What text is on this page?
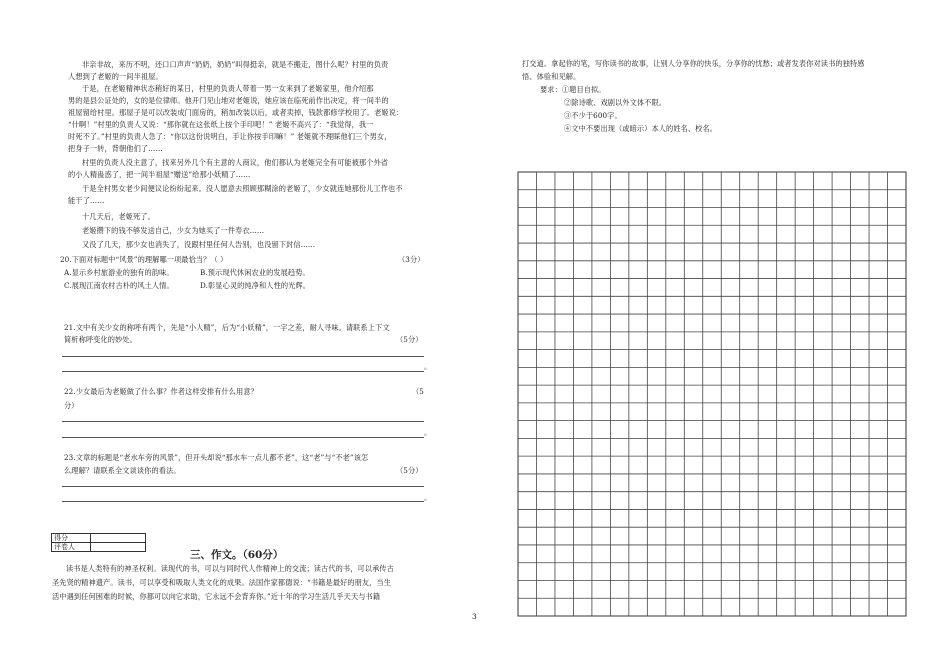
非亲非故，来历不明，还口口声声“奶奶，奶奶”叫得挺亲，就是不搬走，图什么呢？村里的负责
人想到了老姬的一间半祖屋。
于是，在老姬精神状态稍好的某日，村里的负责人带着一男一女来到了老姬家里，他介绍那
男的是县公证处的，女的是位律师。他开门见山地对老姬说，她应该在临死前作出决定，将一间半的
祖屋留给村里。那屋子是可以改装成门面房的，稍加改装以后，或者卖掉，钱款都修学校用了。老姬说：
“什啊！”村里的负责人又说：“那你就在这张纸上按个手印吧！” 老姬不高兴了：“我觉得，我一
时死不了。”村里的负责人急了：“你以这份说明白，手让你按手印嘛！” 老姬就不理睬他们三个男女，
把身子一转，背朝他们了……
村里的负责人没主意了，找来另外几个有主意的人商议，他们都认为老姬完全有可能被那个外省
的小人精蛊惑了，把一间半祖屋“赠送”给那小妖精了……
于是全村男女老少间便议论纷纷起来。没人愿意去照顾那糊涂的老姬了，少女就连她那份儿工作也不
能干了……
十几天后，老姬死了。
老姬攒下的钱不够发送自己，少女为她买了一件寿衣……
又没了几天，那少女也消失了，没跟村里任何人告别，也没留下封信……
20.下面对标题中“风景”的理解哪一项最恰当？（ ）	（3分）
A.显示乡村旅游业的独有的韵味。	B.预示现代休闲农业的发展趋势。
C.展现江南农村古朴的风土人情。	D.彰显心灵的纯净和人性的光辉。
21.文中有关少女的称呼有两个，先是“小人精”，后为“小妖精”，一字之差，耐人寻味。请联系上下文
简析称呼变化的妙处。	（5分）
。
22.少女最后为老姬做了什么事？作者这样安排有什么用意？	（5
分）
。
23.文章的标题是“老水车旁的风景”，但开头却说“那水车一点儿都不老”，这“老”与“不老”该怎
么理解？请联系全文谈谈你的看法。	（5分）
。
得分	
评卷人	
三、作文。（60分）
读书是人类特有的神圣权利。读现代的书，可以与同时代人作精神上的交流；读古代的书，可以承传古
圣先贤的精神遗产。读书，可以享受和吸取人类文化的成果。法国作家都德说：“书籍是最好的朋友，当生
活中遇到任何困难的时候，你都可以向它求助，它永远不会背弃你。”近十年的学习生活几乎天天与书籍
打交道。拿起你的笔，写你读书的故事，让别人分享你的快乐，分享你的忧愁；或者发表你对读书的独特感
悟、体验和见解。
要求：①题目自拟。
②除诗歌、戏剧以外文体不限。
③不少于600字。
④文中不要出现（或暗示）本人的姓名、校名。
3
